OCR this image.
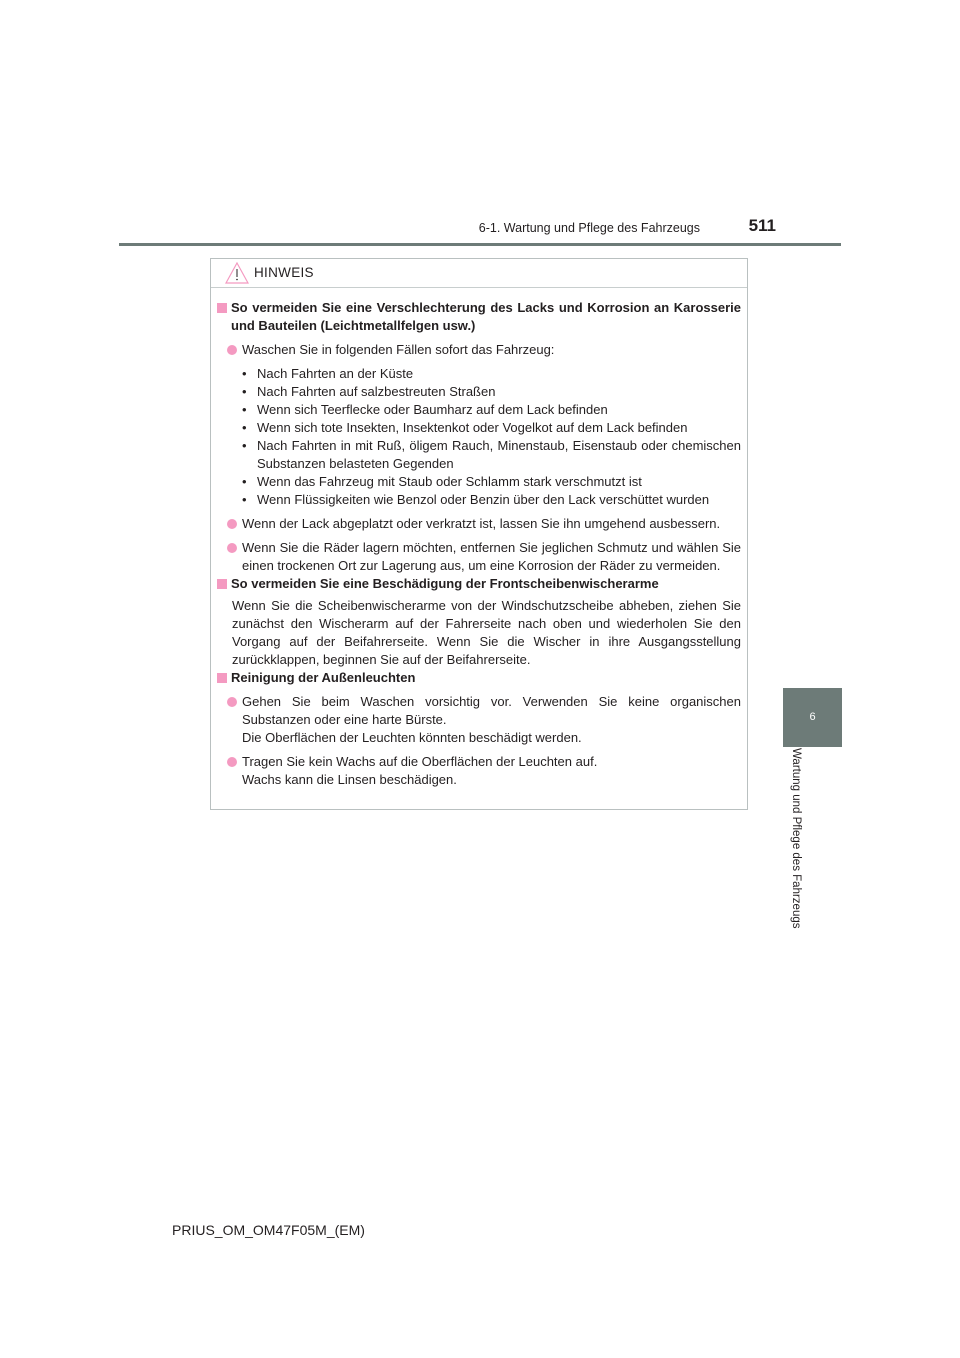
6-1. Wartung und Pflege des Fahrzeugs	511
6
Wartung und Pflege des Fahrzeugs
HINWEIS
So vermeiden Sie eine Verschlechterung des Lacks und Korrosion an Karosserie und Bauteilen (Leichtmetallfelgen usw.)
Waschen Sie in folgenden Fällen sofort das Fahrzeug:
• Nach Fahrten an der Küste
• Nach Fahrten auf salzbestreuten Straßen
• Wenn sich Teerflecke oder Baumharz auf dem Lack befinden
• Wenn sich tote Insekten, Insektenkot oder Vogelkot auf dem Lack befinden
• Nach Fahrten in mit Ruß, öligem Rauch, Minenstaub, Eisenstaub oder chemischen Substanzen belasteten Gegenden
• Wenn das Fahrzeug mit Staub oder Schlamm stark verschmutzt ist
• Wenn Flüssigkeiten wie Benzol oder Benzin über den Lack verschüttet wurden
Wenn der Lack abgeplatzt oder verkratzt ist, lassen Sie ihn umgehend ausbessern.
Wenn Sie die Räder lagern möchten, entfernen Sie jeglichen Schmutz und wählen Sie einen trockenen Ort zur Lagerung aus, um eine Korrosion der Räder zu vermeiden.
So vermeiden Sie eine Beschädigung der Frontscheibenwischerarme
Wenn Sie die Scheibenwischerarme von der Windschutzscheibe abheben, ziehen Sie zunächst den Wischerarm auf der Fahrerseite nach oben und wiederholen Sie den Vorgang auf der Beifahrerseite. Wenn Sie die Wischer in ihre Ausgangsstellung zurückklappen, beginnen Sie auf der Beifahrerseite.
Reinigung der Außenleuchten
Gehen Sie beim Waschen vorsichtig vor. Verwenden Sie keine organischen Substanzen oder eine harte Bürste.
Die Oberflächen der Leuchten könnten beschädigt werden.
Tragen Sie kein Wachs auf die Oberflächen der Leuchten auf.
Wachs kann die Linsen beschädigen.
PRIUS_OM_OM47F05M_(EM)
